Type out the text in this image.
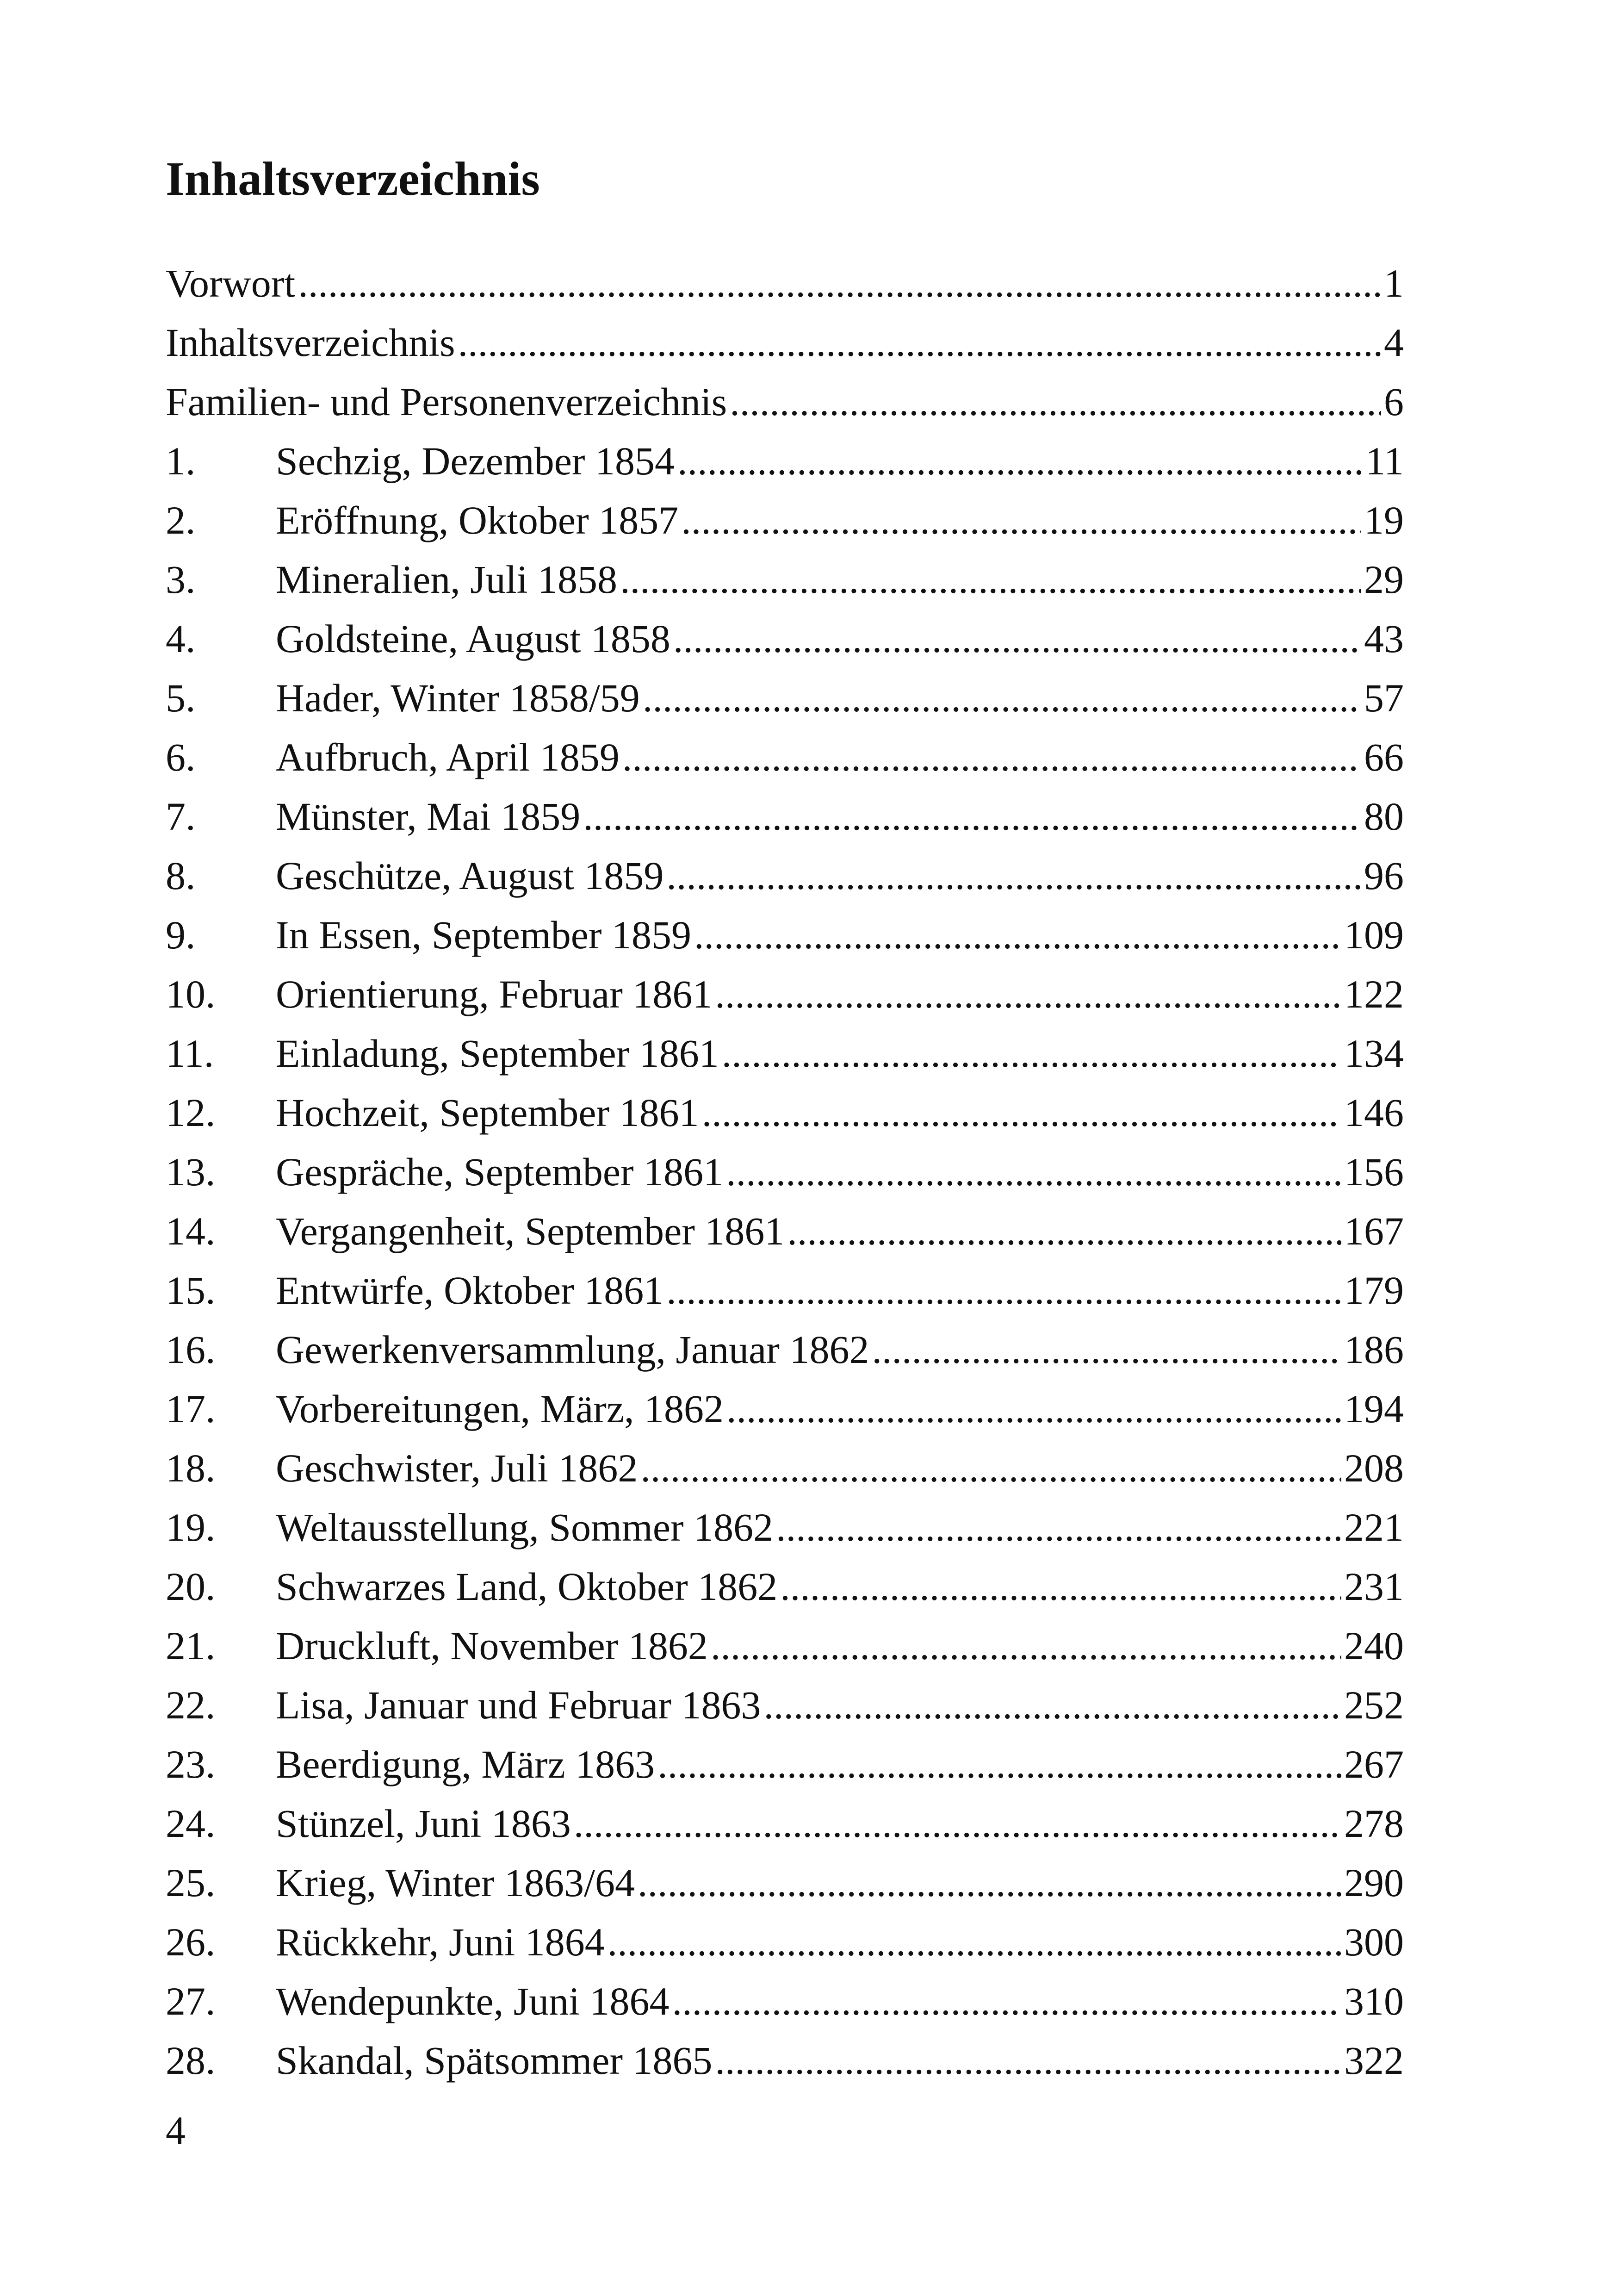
Inhaltsverzeichnis
Vorwort .....	1
Inhaltsverzeichnis .....	4
Familien- und Personenverzeichnis .....	6
1.	Sechzig, Dezember 1854 .....	11
2.	Eröffnung, Oktober 1857 .....	19
3.	Mineralien, Juli 1858 .....	29
4.	Goldsteine, August 1858 .....	43
5.	Hader, Winter 1858/59 .....	57
6.	Aufbruch, April 1859 .....	66
7.	Münster, Mai 1859 .....	80
8.	Geschütze, August 1859 .....	96
9.	In Essen, September 1859 .....	109
10.	Orientierung, Februar 1861 .....	122
11.	Einladung, September 1861 .....	134
12.	Hochzeit, September 1861 .....	146
13.	Gespräche, September 1861 .....	156
14.	Vergangenheit, September 1861 .....	167
15.	Entwürfe, Oktober 1861 .....	179
16.	Gewerkenversammlung, Januar 1862 .....	186
17.	Vorbereitungen, März, 1862 .....	194
18.	Geschwister, Juli 1862 .....	208
19.	Weltausstellung, Sommer 1862 .....	221
20.	Schwarzes Land, Oktober 1862 .....	231
21.	Druckluft, November 1862 .....	240
22.	Lisa, Januar und Februar 1863 .....	252
23.	Beerdigung, März 1863 .....	267
24.	Stünzel, Juni 1863 .....	278
25.	Krieg, Winter 1863/64 .....	290
26.	Rückkehr, Juni 1864 .....	300
27.	Wendepunkte, Juni 1864 .....	310
28.	Skandal, Spätsommer 1865 .....	322
4
